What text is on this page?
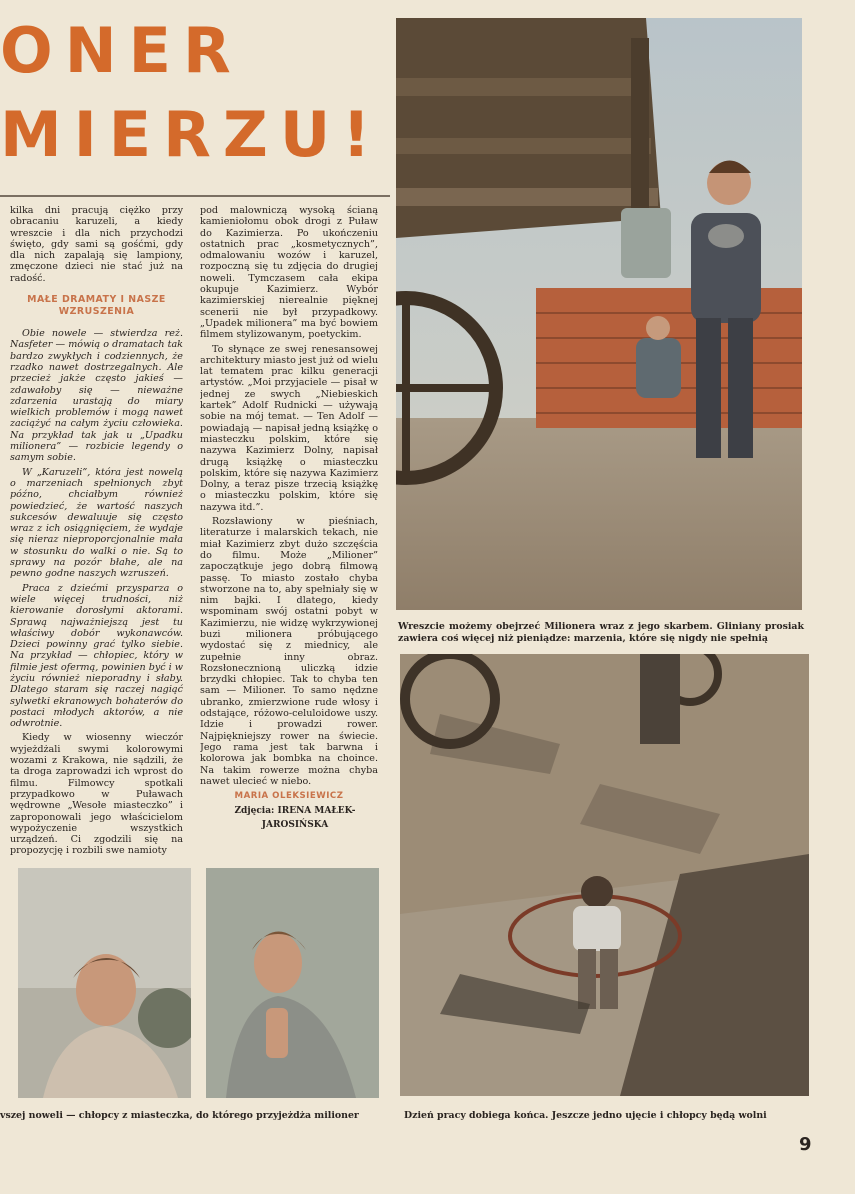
ONER
MIERZU!

kilka dni pracują ciężko przy obracaniu karuzeli, a kiedy wreszcie i dla nich przychodzi święto, gdy sami są gośćmi, gdy dla nich zapalają się lampiony, zmęczone dzieci nie stać już na radość.

MAŁE DRAMATY I NASZE WZRUSZENIA

Obie nowele — stwierdza reż. Nasfeter — mówią o dramatach tak bardzo zwykłych i codziennych, że rzadko nawet dostrzegalnych. Ale przecież jakże często jakieś — zdawałoby się — nieważne zdarzenia urastają do miary wielkich problemów i mogą nawet zaciążyć na całym życiu człowieka. Na przykład tak jak u „Upadku milionera” — rozbicie legendy o samym sobie.

W „Karuzeli”, która jest nowelą o marzeniach spełnionych zbyt późno, chciałbym również powiedzieć, że wartość naszych sukcesów dewaluuje się często wraz z ich osiągnięciem, że wydaje się nieraz nieproporcjonalnie mała w stosunku do walki o nie. Są to sprawy na pozór błahe, ale na pewno godne naszych wzruszeń.

Praca z dziećmi przysparza o wiele więcej trudności, niż kierowanie dorosłymi aktorami. Sprawą najważniejszą jest tu właściwy dobór wykonawców. Dzieci powinny grać tylko siebie. Na przykład — chłopiec, który w filmie jest ofermą, powinien być i w życiu również nieporadny i słaby. Dlatego staram się raczej nagiąć sylwetki ekranowych bohaterów do postaci młodych aktorów, a nie odwrotnie.

Kiedy w wiosenny wieczór wyjeżdżali swymi kolorowymi wozami z Krakowa, nie sądzili, że ta droga zaprowadzi ich wprost do filmu. Filmowcy spotkali przypadkowo w Puławach wędrowne „Wesołe miasteczko” i zaproponowali jego właścicielom wypożyczenie wszystkich urządzeń. Ci zgodzili się na propozycję i rozbili swe namioty

pod malowniczą wysoką ścianą kamieniołomu obok drogi z Puław do Kazimierza. Po ukończeniu ostatnich prac „kosmetycznych”, odmalowaniu wozów i karuzel, rozpoczną się tu zdjęcia do drugiej noweli. Tymczasem cała ekipa okupuje Kazimierz. Wybór kazimierskiej nierealnie pięknej scenerii nie był przypadkowy. „Upadek milionera” ma być bowiem filmem stylizowanym, poetyckim.

To słynące ze swej renesansowej architektury miasto jest już od wielu lat tematem prac kilku generacji artystów. „Moi przyjaciele — pisał w jednej ze swych „Niebieskich kartek” Adolf Rudnicki — używają sobie na mój temat. — Ten Adolf — powiadają — napisał jedną książkę o miasteczku polskim, które się nazywa Kazimierz Dolny, napisał drugą książkę o miasteczku polskim, które się nazywa Kazimierz Dolny, a teraz pisze trzecią książkę o miasteczku polskim, które się nazywa itd.”.

Rozsławiony w pieśniach, literaturze i malarskich tekach, nie miał Kazimierz zbyt dużo szczęścia do filmu. Może „Milioner” zapoczątkuje jego dobrą filmową passę. To miasto zostało chyba stworzone na to, aby spełniały się w nim bajki. I dlatego, kiedy wspominam swój ostatni pobyt w Kazimierzu, nie widzę wykrzywionej buzi milionera próbującego wydostać się z miednicy, ale zupełnie inny obraz. Rozsłonecznioną uliczką idzie brzydki chłopiec. Tak to chyba ten sam — Milioner. To samo nędzne ubranko, zmierzwione rude włosy i odstające, różowo-celuloidowe uszy. Idzie i prowadzi rower. Najpiękniejszy rower na świecie. Jego rama jest tak barwna i kolorowa jak bombka na choince. Na takim rowerze można chyba nawet ulecieć w niebo.

MARIA OLEKSIEWICZ

Zdjęcia: IRENA MAŁEK-

JAROSIŃSKA

Wreszcie możemy obejrzeć Milionera wraz z jego skarbem. Gliniany prosiak zawiera coś więcej niż pieniądze: marzenia, które się nigdy nie spełnią
vszej noweli — chłopcy z miasteczka, do którego przyjeżdża milioner	Dzień pracy dobiega końca. Jeszcze jedno ujęcie i chłopcy będą wolni
9
